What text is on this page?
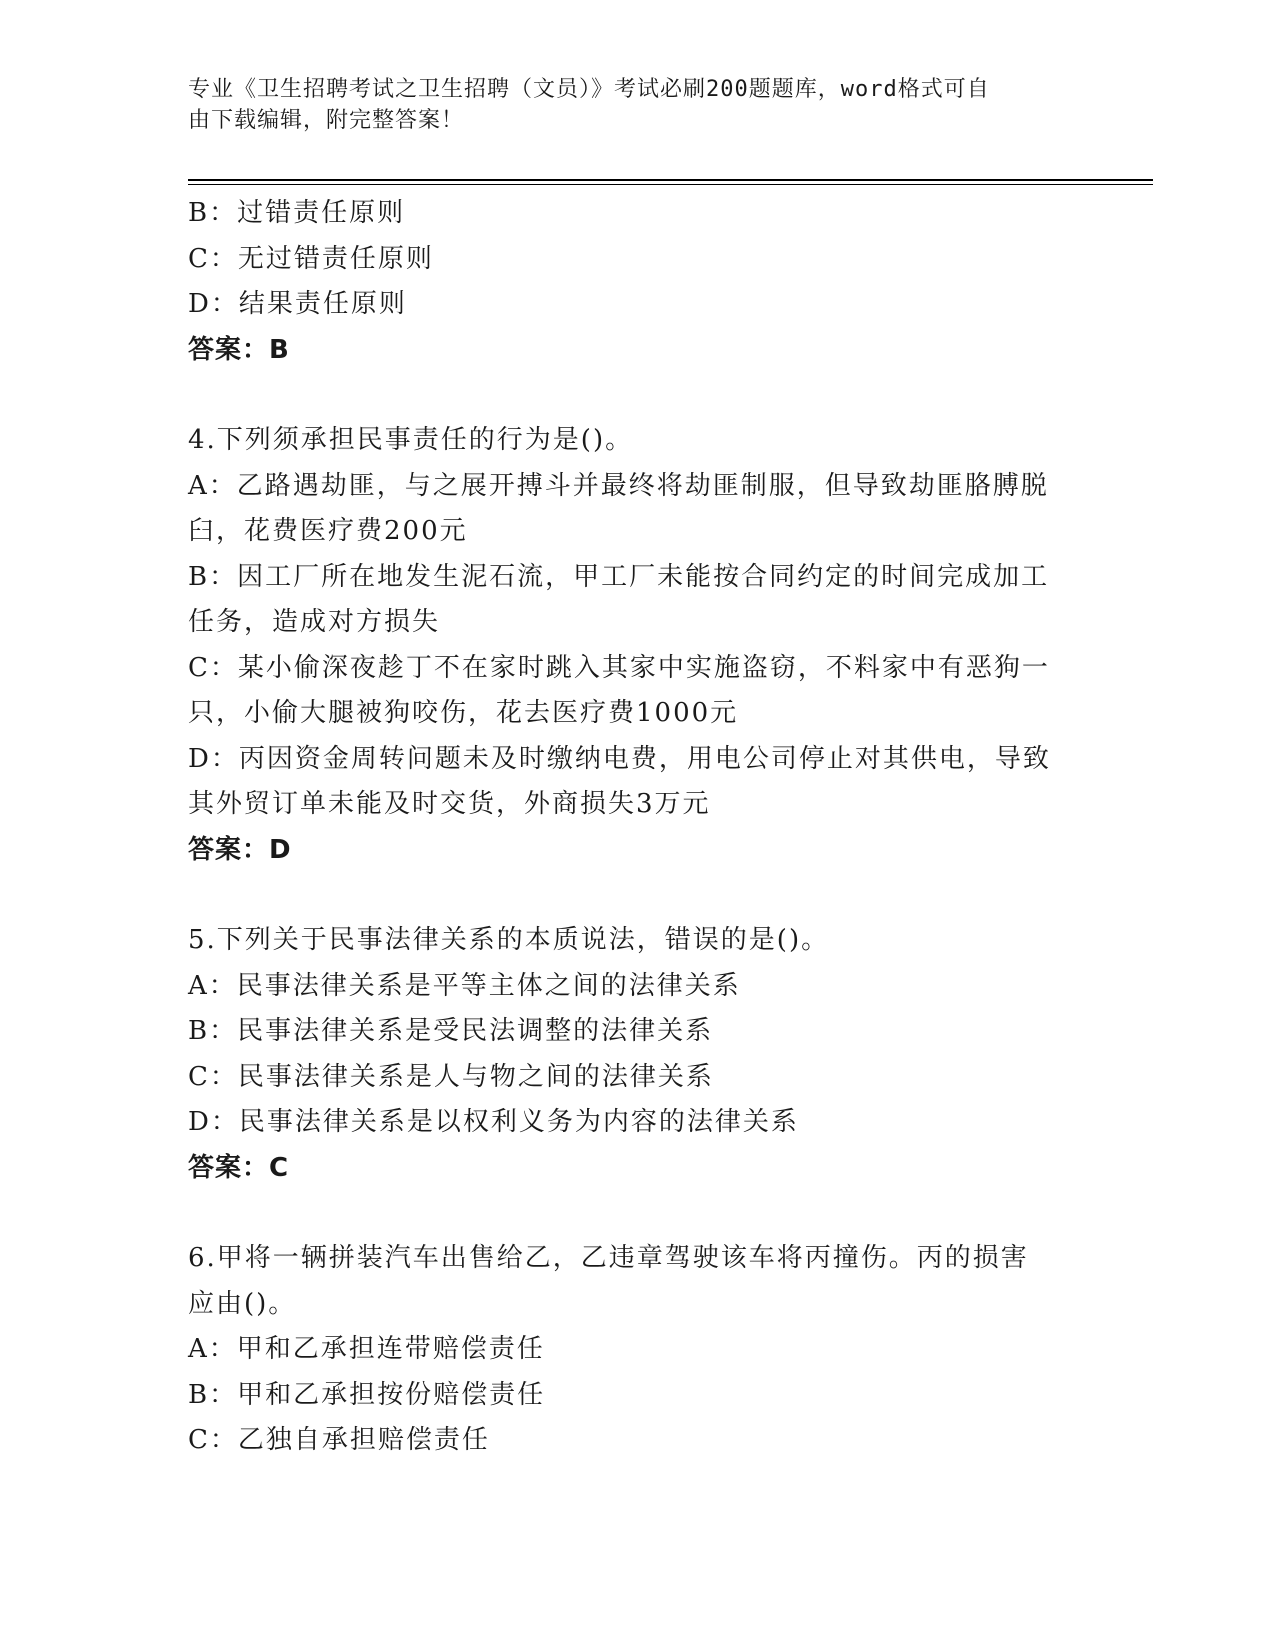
专业《卫生招聘考试之卫生招聘（文员）》考试必刷200题题库，word格式可自
由下载编辑，附完整答案！
B：过错责任原则
C：无过错责任原则
D：结果责任原则
答案：B
4.下列须承担民事责任的行为是()。
A：乙路遇劫匪，与之展开搏斗并最终将劫匪制服，但导致劫匪胳膊脱
臼，花费医疗费200元
B：因工厂所在地发生泥石流，甲工厂未能按合同约定的时间完成加工
任务，造成对方损失
C：某小偷深夜趁丁不在家时跳入其家中实施盗窃，不料家中有恶狗一
只，小偷大腿被狗咬伤，花去医疗费1000元
D：丙因资金周转问题未及时缴纳电费，用电公司停止对其供电，导致
其外贸订单未能及时交货，外商损失3万元
答案：D
5.下列关于民事法律关系的本质说法，错误的是()。
A：民事法律关系是平等主体之间的法律关系
B：民事法律关系是受民法调整的法律关系
C：民事法律关系是人与物之间的法律关系
D：民事法律关系是以权利义务为内容的法律关系
答案：C
6.甲将一辆拼装汽车出售给乙，乙违章驾驶该车将丙撞伤。丙的损害
应由()。
A：甲和乙承担连带赔偿责任
B：甲和乙承担按份赔偿责任
C：乙独自承担赔偿责任
